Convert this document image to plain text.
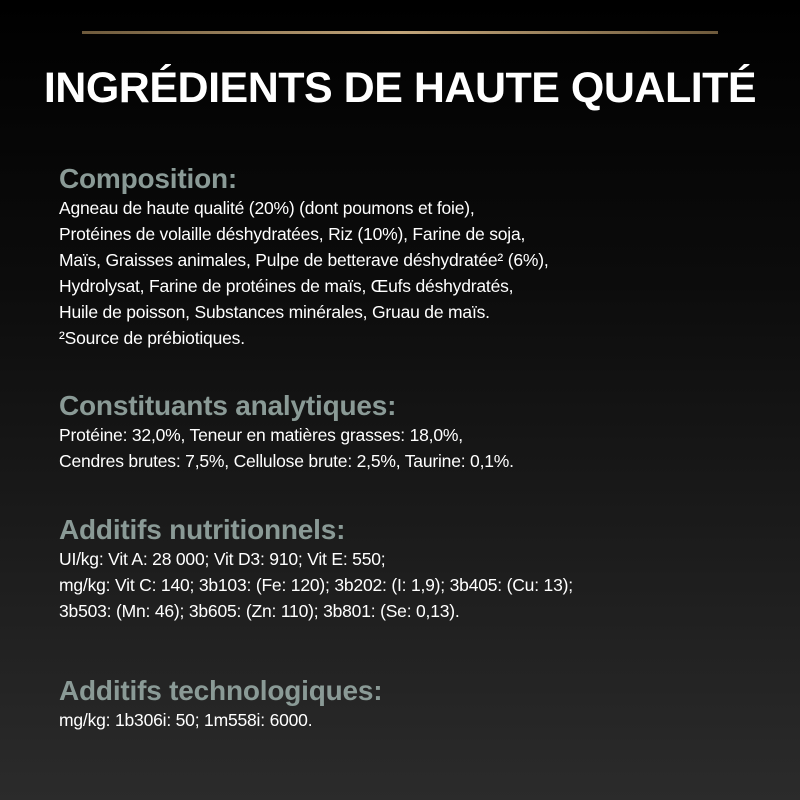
INGRÉDIENTS DE HAUTE QUALITÉ
Composition:
Agneau de haute qualité (20%) (dont poumons et foie),
Protéines de volaille déshydratées, Riz (10%), Farine de soja,
Maïs, Graisses animales, Pulpe de betterave déshydratée² (6%),
Hydrolysat, Farine de protéines de maïs, Œufs déshydratés,
Huile de poisson, Substances minérales, Gruau de maïs.
²Source de prébiotiques.
Constituants analytiques:
Protéine: 32,0%, Teneur en matières grasses: 18,0%,
Cendres brutes: 7,5%, Cellulose brute: 2,5%, Taurine: 0,1%.
Additifs nutritionnels:
UI/kg: Vit A: 28 000; Vit D3: 910; Vit E: 550;
mg/kg: Vit C: 140; 3b103: (Fe: 120); 3b202: (I: 1,9); 3b405: (Cu: 13);
3b503: (Mn: 46); 3b605: (Zn: 110); 3b801: (Se: 0,13).
Additifs technologiques:
mg/kg: 1b306i: 50; 1m558i: 6000.
